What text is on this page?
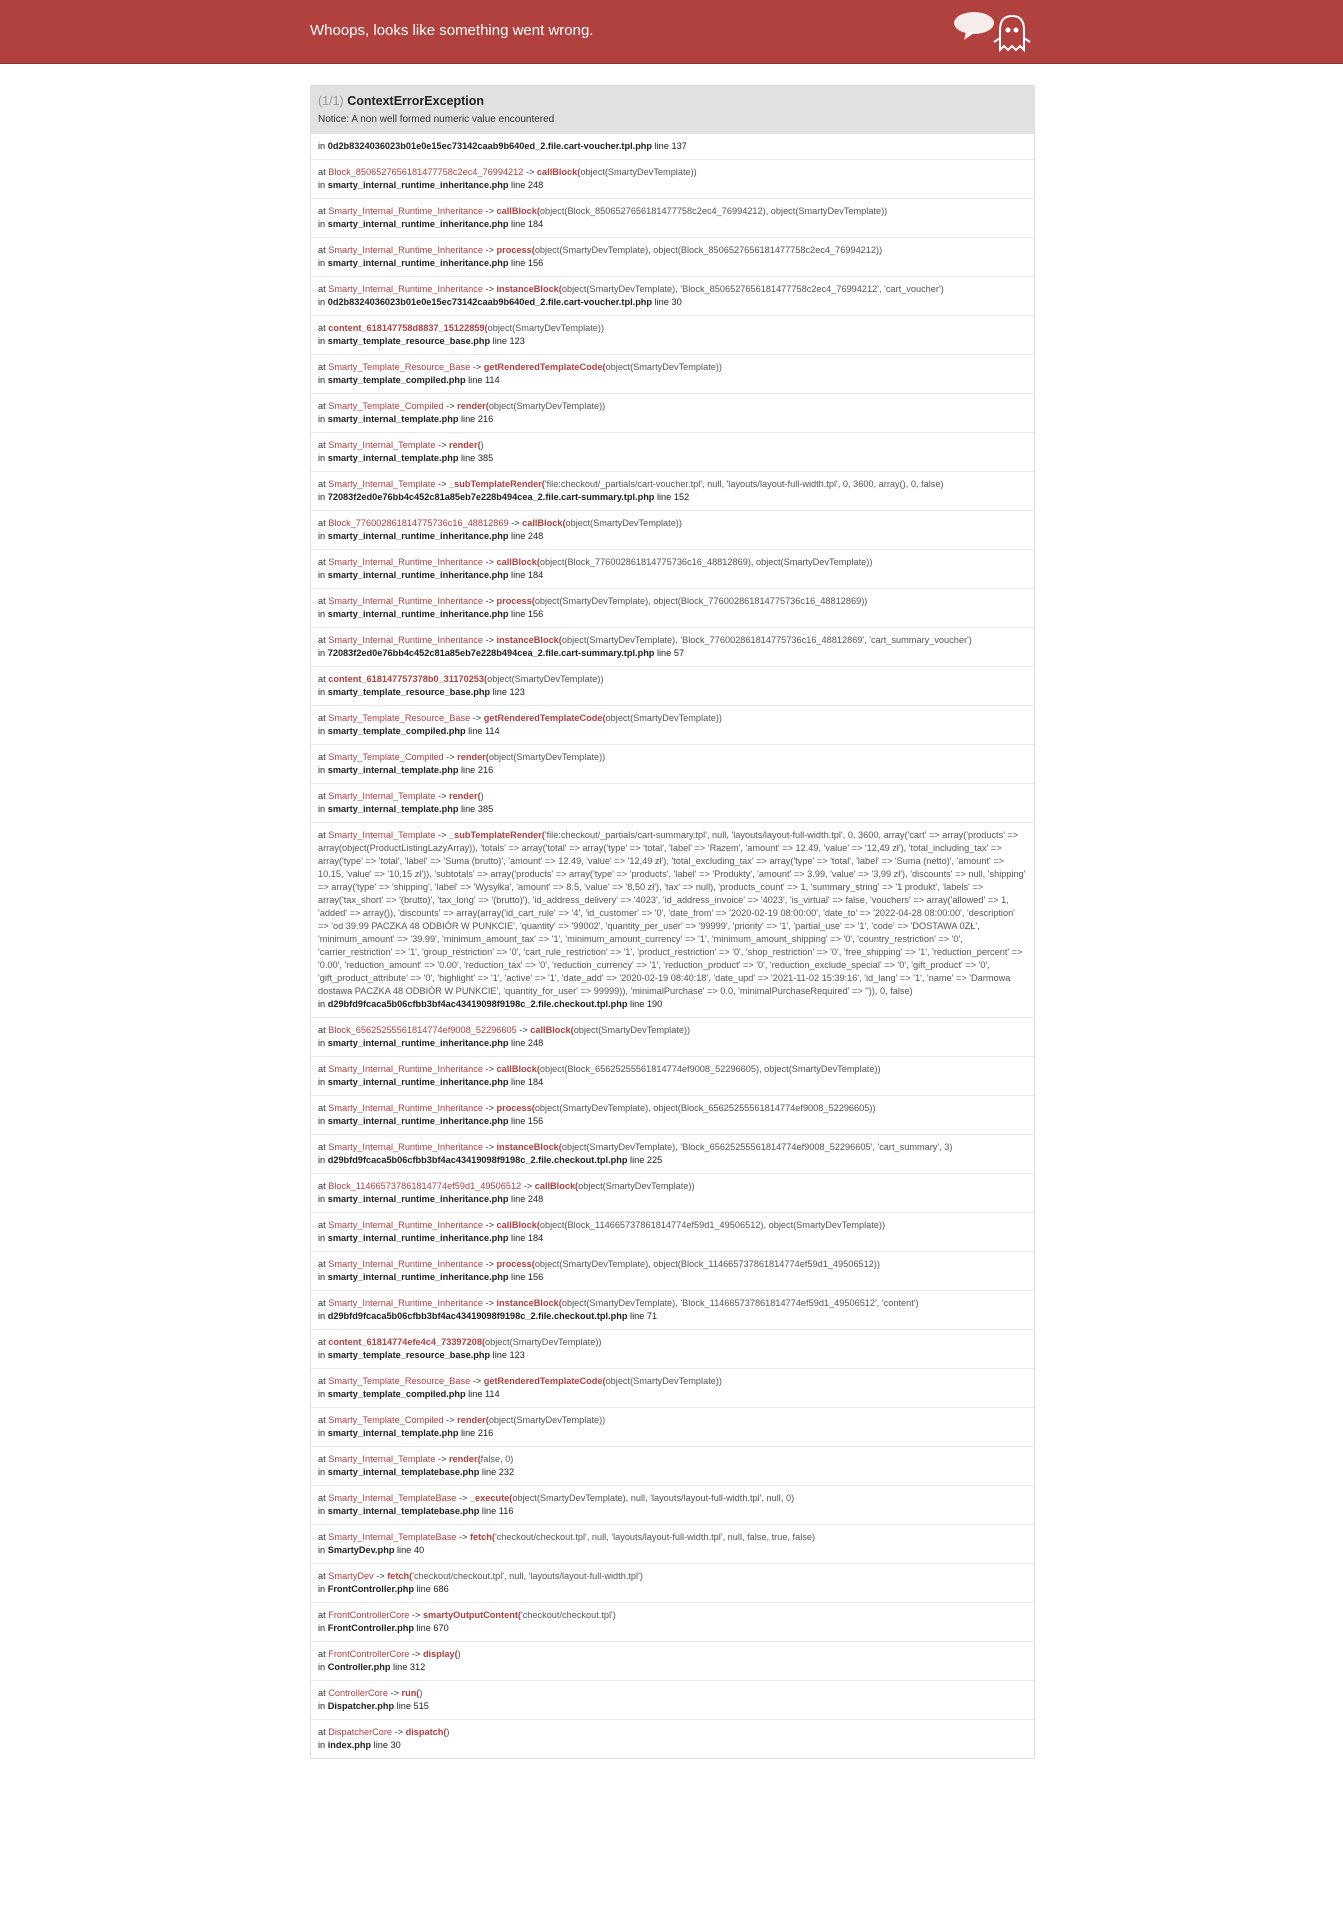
Whoops, looks like something went wrong.
(1/1) ContextErrorException
Notice: A non well formed numeric value encountered
in 0d2b8324036023b01e0e15ec73142caab9b640ed_2.file.cart-voucher.tpl.php line 137
at Block_8506527656181477758c2ec4_76994212 -> callBlock(object(SmartyDevTemplate))
in smarty_internal_runtime_inheritance.php line 248
at Smarty_Internal_Runtime_Inheritance -> callBlock(object(Block_8506527656181477758c2ec4_76994212), object(SmartyDevTemplate))
in smarty_internal_runtime_inheritance.php line 184
at Smarty_Internal_Runtime_Inheritance -> process(object(SmartyDevTemplate), object(Block_8506527656181477758c2ec4_76994212))
in smarty_internal_runtime_inheritance.php line 156
at Smarty_Internal_Runtime_Inheritance -> instanceBlock(object(SmartyDevTemplate), 'Block_8506527656181477758c2ec4_76994212', 'cart_voucher')
in 0d2b8324036023b01e0e15ec73142caab9b640ed_2.file.cart-voucher.tpl.php line 30
at content_618147758d8837_15122859(object(SmartyDevTemplate))
in smarty_template_resource_base.php line 123
at Smarty_Template_Resource_Base -> getRenderedTemplateCode(object(SmartyDevTemplate))
in smarty_template_compiled.php line 114
at Smarty_Template_Compiled -> render(object(SmartyDevTemplate))
in smarty_internal_template.php line 216
at Smarty_Internal_Template -> render()
in smarty_internal_template.php line 385
at Smarty_Internal_Template -> _subTemplateRender('file:checkout/_partials/cart-voucher.tpl', null, 'layouts/layout-full-width.tpl', 0, 3600, array(), 0, false)
in 72083f2ed0e76bb4c452c81a85eb7e228b494cea_2.file.cart-summary.tpl.php line 152
at Block_776002861814775736c16_48812869 -> callBlock(object(SmartyDevTemplate))
in smarty_internal_runtime_inheritance.php line 248
at Smarty_Internal_Runtime_Inheritance -> callBlock(object(Block_776002861814775736c16_48812869), object(SmartyDevTemplate))
in smarty_internal_runtime_inheritance.php line 184
at Smarty_Internal_Runtime_Inheritance -> process(object(SmartyDevTemplate), object(Block_776002861814775736c16_48812869))
in smarty_internal_runtime_inheritance.php line 156
at Smarty_Internal_Runtime_Inheritance -> instanceBlock(object(SmartyDevTemplate), 'Block_776002861814775736c16_48812869', 'cart_summary_voucher')
in 72083f2ed0e76bb4c452c81a85eb7e228b494cea_2.file.cart-summary.tpl.php line 57
at content_618147757378b0_31170253(object(SmartyDevTemplate))
in smarty_template_resource_base.php line 123
at Smarty_Template_Resource_Base -> getRenderedTemplateCode(object(SmartyDevTemplate))
in smarty_template_compiled.php line 114
at Smarty_Template_Compiled -> render(object(SmartyDevTemplate))
in smarty_internal_template.php line 216
at Smarty_Internal_Template -> render()
in smarty_internal_template.php line 385
at Smarty_Internal_Template -> _subTemplateRender('file:checkout/_partials/cart-summary.tpl', null, 'layouts/layout-full-width.tpl', 0, 3600, array('cart' => array('products' => array(object(ProductListingLazyArray)), 'totals' => array('total' => array('type' => 'total', 'label' => 'Razem', 'amount' => 12.49, 'value' => '12,49 zł'), 'total_including_tax' => array('type' => 'total', 'label' => 'Suma (brutto)', 'amount' => 12.49, 'value' => '12,49 zł'), 'total_excluding_tax' => array('type' => 'total', 'label' => 'Suma (netto)', 'amount' => 10.15, 'value' => '10,15 zł')), 'subtotals' => array('products' => array('type' => 'products', 'label' => 'Produkty', 'amount' => 3.99, 'value' => '3,99 zł'), 'discounts' => null, 'shipping' => array('type' => 'shipping', 'label' => 'Wysyłka', 'amount' => 8.5, 'value' => '8,50 zł'), 'tax' => null), 'products_count' => 1, 'summary_string' => '1 produkt', 'labels' => array('tax_short' => '(brutto)', 'tax_long' => '(brutto)'), 'id_address_delivery' => '4023', 'id_address_invoice' => '4023', 'is_virtual' => false, 'vouchers' => array('allowed' => 1, 'added' => array()), 'discounts' => array(array('id_cart_rule' => '4', 'id_customer' => '0', 'date_from' => '2020-02-19 08:00:00', 'date_to' => '2022-04-28 08:00:00', 'description' => 'od 39.99 PACZKA 48 ODBIÓR W PUNKCIE', 'quantity' => '99002', 'quantity_per_user' => '99999', 'priority' => '1', 'partial_use' => '1', 'code' => 'DOSTAWA 0ZŁ', 'minimum_amount' => '39.99', 'minimum_amount_tax' => '1', 'minimum_amount_currency' => '1', 'minimum_amount_shipping' => '0', 'country_restriction' => '0', 'carrier_restriction' => '1', 'group_restriction' => '0', 'cart_rule_restriction' => '1', 'product_restriction' => '0', 'shop_restriction' => '0', 'free_shipping' => '1', 'reduction_percent' => '0.00', 'reduction_amount' => '0.00', 'reduction_tax' => '0', 'reduction_currency' => '1', 'reduction_product' => '0', 'reduction_exclude_special' => '0', 'gift_product' => '0', 'gift_product_attribute' => '0', 'highlight' => '1', 'active' => '1', 'date_add' => '2020-02-19 08:40:18', 'date_upd' => '2021-11-02 15:39:16', 'id_lang' => '1', 'name' => 'Darmowa dostawa PACZKA 48 ODBIÓR W PUNKCIE', 'quantity_for_user' => 99999)), 'minimalPurchase' => 0.0, 'minimalPurchaseRequired' => '')), 0, false)
in d29bfd9fcaca5b06cfbb3bf4ac43419098f9198c_2.file.checkout.tpl.php line 190
at Block_65625255561814774ef9008_52296605 -> callBlock(object(SmartyDevTemplate))
in smarty_internal_runtime_inheritance.php line 248
at Smarty_Internal_Runtime_Inheritance -> callBlock(object(Block_65625255561814774ef9008_52296605), object(SmartyDevTemplate))
in smarty_internal_runtime_inheritance.php line 184
at Smarty_Internal_Runtime_Inheritance -> process(object(SmartyDevTemplate), object(Block_65625255561814774ef9008_52296605))
in smarty_internal_runtime_inheritance.php line 156
at Smarty_Internal_Runtime_Inheritance -> instanceBlock(object(SmartyDevTemplate), 'Block_65625255561814774ef9008_52296605', 'cart_summary', 3)
in d29bfd9fcaca5b06cfbb3bf4ac43419098f9198c_2.file.checkout.tpl.php line 225
at Block_114665737861814774ef59d1_49506512 -> callBlock(object(SmartyDevTemplate))
in smarty_internal_runtime_inheritance.php line 248
at Smarty_Internal_Runtime_Inheritance -> callBlock(object(Block_114665737861814774ef59d1_49506512), object(SmartyDevTemplate))
in smarty_internal_runtime_inheritance.php line 184
at Smarty_Internal_Runtime_Inheritance -> process(object(SmartyDevTemplate), object(Block_114665737861814774ef59d1_49506512))
in smarty_internal_runtime_inheritance.php line 156
at Smarty_Internal_Runtime_Inheritance -> instanceBlock(object(SmartyDevTemplate), 'Block_114665737861814774ef59d1_49506512', 'content')
in d29bfd9fcaca5b06cfbb3bf4ac43419098f9198c_2.file.checkout.tpl.php line 71
at content_61814774efe4c4_73397208(object(SmartyDevTemplate))
in smarty_template_resource_base.php line 123
at Smarty_Template_Resource_Base -> getRenderedTemplateCode(object(SmartyDevTemplate))
in smarty_template_compiled.php line 114
at Smarty_Template_Compiled -> render(object(SmartyDevTemplate))
in smarty_internal_template.php line 216
at Smarty_Internal_Template -> render(false, 0)
in smarty_internal_templatebase.php line 232
at Smarty_Internal_TemplateBase -> _execute(object(SmartyDevTemplate), null, 'layouts/layout-full-width.tpl', null, 0)
in smarty_internal_templatebase.php line 116
at Smarty_Internal_TemplateBase -> fetch('checkout/checkout.tpl', null, 'layouts/layout-full-width.tpl', null, false, true, false)
in SmartyDev.php line 40
at SmartyDev -> fetch('checkout/checkout.tpl', null, 'layouts/layout-full-width.tpl')
in FrontController.php line 686
at FrontControllerCore -> smartyOutputContent('checkout/checkout.tpl')
in FrontController.php line 670
at FrontControllerCore -> display()
in Controller.php line 312
at ControllerCore -> run()
in Dispatcher.php line 515
at DispatcherCore -> dispatch()
in index.php line 30
